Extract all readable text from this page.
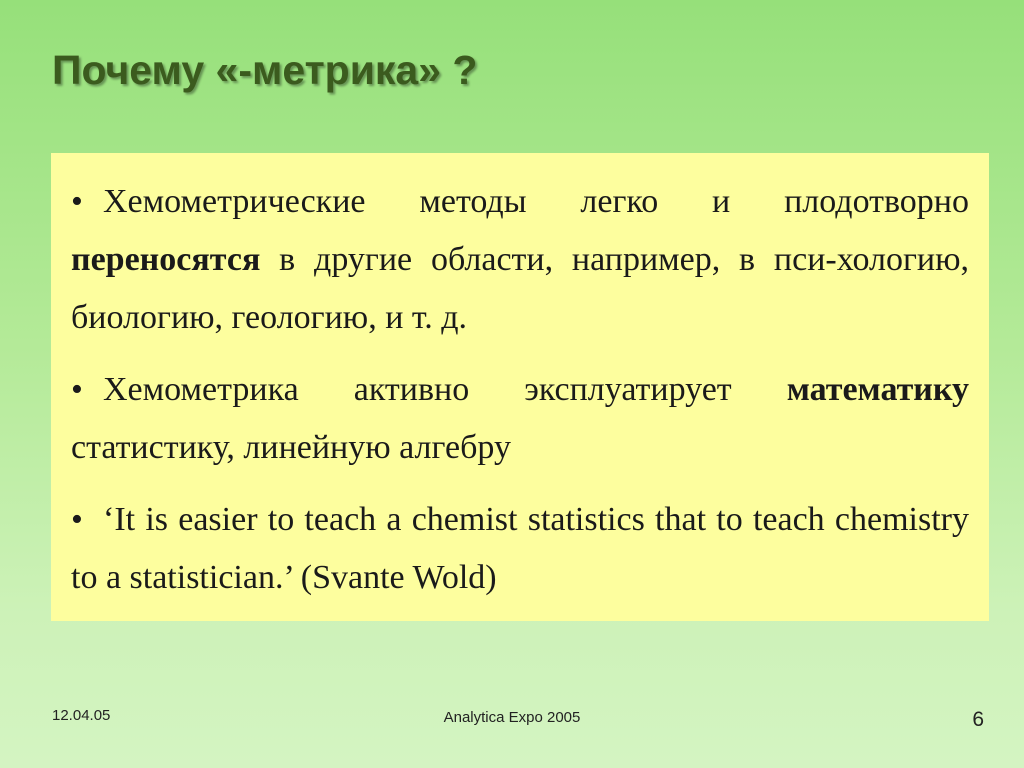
Почему «-метрика» ?

• Хемометрические методы легко и плодотворно переносятся в другие области, например, в пси-хологию, биологию, геологию, и т. д.

• Хемометрика активно эксплуатирует математику статистику, линейную алгебру

• ‘It is easier to teach a chemist statistics that to teach chemistry to a statistician.’ (Svante Wold)

12.04.05	Analytica Expo 2005	6
